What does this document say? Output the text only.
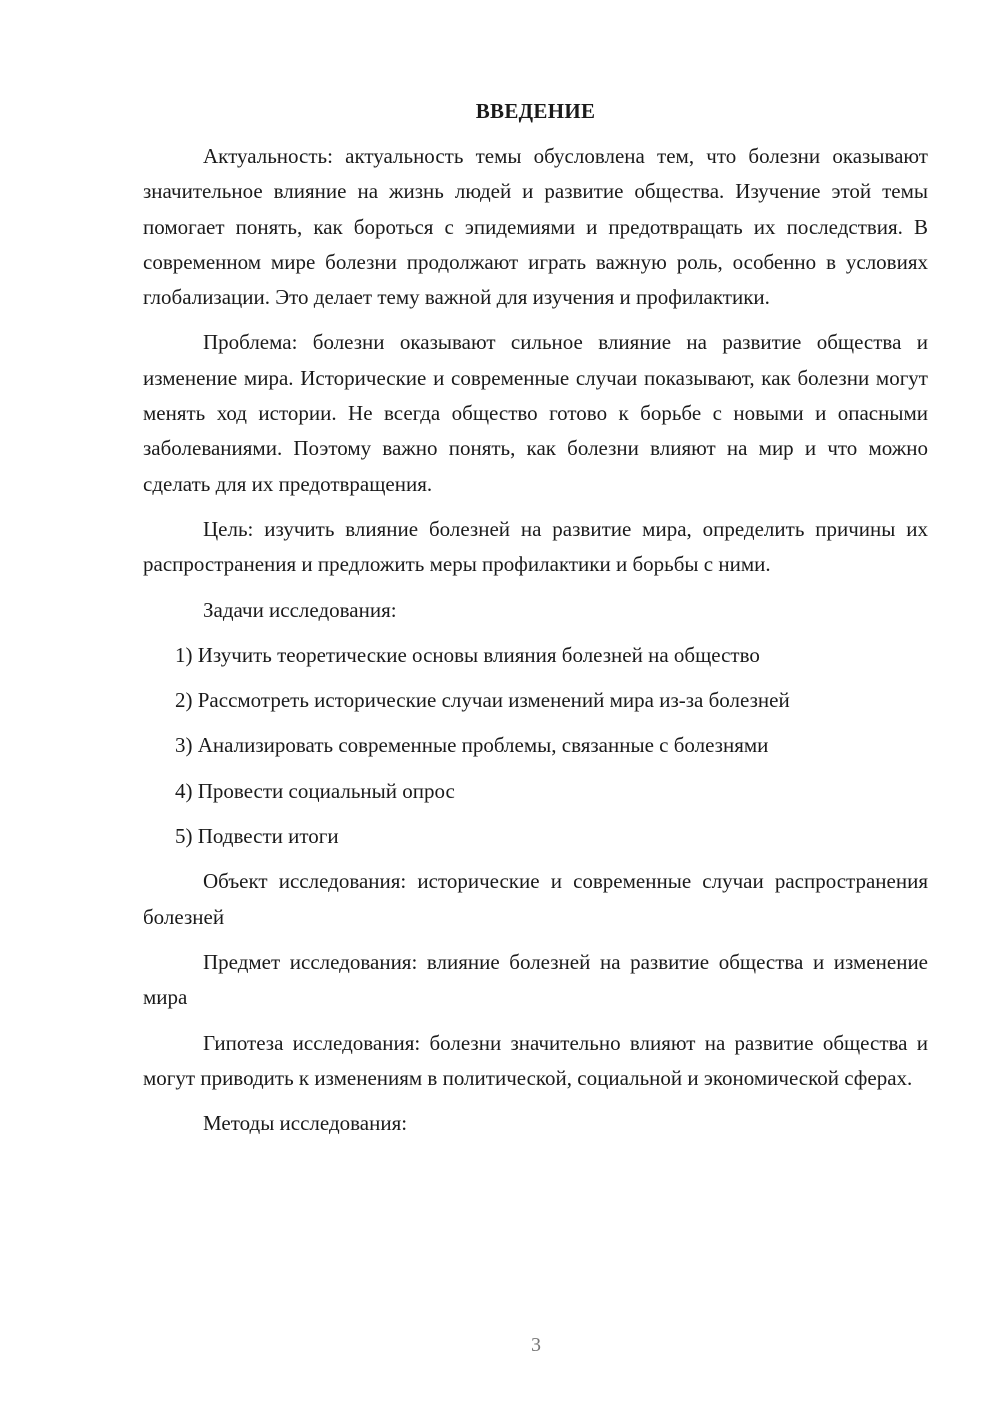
ВВЕДЕНИЕ

Актуальность: актуальность темы обусловлена тем, что болезни оказывают значительное влияние на жизнь людей и развитие общества. Изучение этой темы помогает понять, как бороться с эпидемиями и предотвращать их последствия. В современном мире болезни продолжают играть важную роль, особенно в условиях глобализации. Это делает тему важной для изучения и профилактики.

Проблема: болезни оказывают сильное влияние на развитие общества и изменение мира. Исторические и современные случаи показывают, как болезни могут менять ход истории. Не всегда общество готово к борьбе с новыми и опасными заболеваниями. Поэтому важно понять, как болезни влияют на мир и что можно сделать для их предотвращения.

Цель: изучить влияние болезней на развитие мира, определить причины их распространения и предложить меры профилактики и борьбы с ними.

Задачи исследования:

1) Изучить теоретические основы влияния болезней на общество
2) Рассмотреть исторические случаи изменений мира из-за болезней
3) Анализировать современные проблемы, связанные с болезнями
4) Провести социальный опрос
5) Подвести итоги

Объект исследования: исторические и современные случаи распространения болезней

Предмет исследования: влияние болезней на развитие общества и изменение мира

Гипотеза исследования: болезни значительно влияют на развитие общества и могут приводить к изменениям в политической, социальной и экономической сферах.

Методы исследования:

3
